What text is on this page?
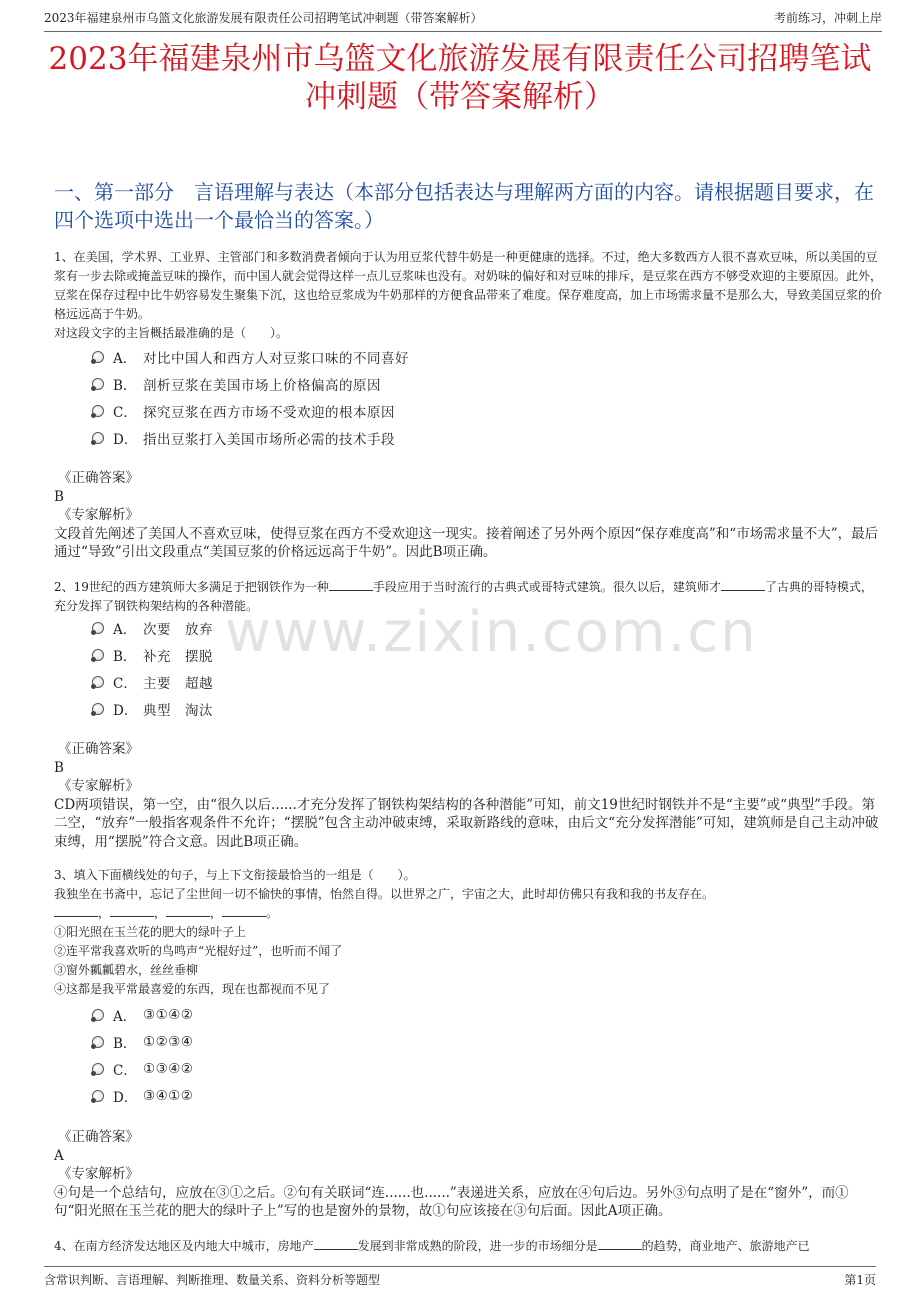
2023年福建泉州市乌篮文化旅游发展有限责任公司招聘笔试冲刺题（带答案解析）	考前练习，冲刺上岸
2023年福建泉州市乌篮文化旅游发展有限责任公司招聘笔试冲刺题（带答案解析）
一、第一部分　言语理解与表达（本部分包括表达与理解两方面的内容。请根据题目要求，在四个选项中选出一个最恰当的答案。）
www.zixin.com.cn

1、在美国，学术界、工业界、主管部门和多数消费者倾向于认为用豆浆代替牛奶是一种更健康的选择。不过，绝大多数西方人很不喜欢豆味，所以美国的豆浆有一步去除或掩盖豆味的操作，而中国人就会觉得这样一点儿豆浆味也没有。对奶味的偏好和对豆味的排斥，是豆浆在西方不够受欢迎的主要原因。此外，豆浆在保存过程中比牛奶容易发生聚集下沉，这也给豆浆成为牛奶那样的方便食品带来了难度。保存难度高，加上市场需求量不是那么大，导致美国豆浆的价格远远高于牛奶。

对这段文字的主旨概括最准确的是（　　）。

A． 对比中国人和西方人对豆浆口味的不同喜好
B． 剖析豆浆在美国市场上价格偏高的原因
C． 探究豆浆在西方市场不受欢迎的根本原因
D． 指出豆浆打入美国市场所必需的技术手段

《正确答案》

B

《专家解析》

文段首先阐述了美国人不喜欢豆味，使得豆浆在西方不受欢迎这一现实。接着阐述了另外两个原因“保存难度高”和“市场需求量不大”，最后通过“导致”引出文段重点“美国豆浆的价格远远高于牛奶”。因此B项正确。

2、19世纪的西方建筑师大多满足于把钢铁作为一种	手段应用于当时流行的古典式或哥特式建筑。很久以后，建筑师才	了古典的哥特模式，充分发挥了钢铁构架结构的各种潜能。

A． 次要　放弃
B． 补充　摆脱
C． 主要　超越
D． 典型　淘汰

《正确答案》

B

《专家解析》

CD两项错误，第一空，由“很久以后......才充分发挥了钢铁构架结构的各种潜能”可知，前文19世纪时钢铁并不是“主要”或“典型”手段。第二空，“放弃”一般指客观条件不允许；“摆脱”包含主动冲破束缚，采取新路线的意味，由后文“充分发挥潜能”可知，建筑师是自己主动冲破束缚，用“摆脱”符合文意。因此B项正确。

3、填入下面横线处的句子，与上下文衔接最恰当的一组是（　　）。

我独坐在书斋中，忘记了尘世间一切不愉快的事情，怡然自得。以世界之广，宇宙之大，此时却仿佛只有我和我的书友存在。

，	，	，	。

①阳光照在玉兰花的肥大的绿叶子上

②连平常我喜欢听的鸟鸣声“光棍好过”，也听而不闻了

③窗外瓤瓤碧水，丝丝垂柳

④这都是我平常最喜爱的东西，现在也都视而不见了

A． ③①④②
B． ①②③④
C． ①③④②
D． ③④①②

《正确答案》

A

《专家解析》

④句是一个总结句，应放在③①之后。②句有关联词“连......也......”表递进关系，应放在④句后边。另外③句点明了是在“窗外”，而①句“阳光照在玉兰花的肥大的绿叶子上”写的也是窗外的景物，故①句应该接在③句后面。因此A项正确。

4、在南方经济发达地区及内地大中城市，房地产	发展到非常成熟的阶段，进一步的市场细分是	的趋势，商业地产、旅游地产已

含常识判断、言语理解、判断推理、数量关系、资料分析等题型	第1页
